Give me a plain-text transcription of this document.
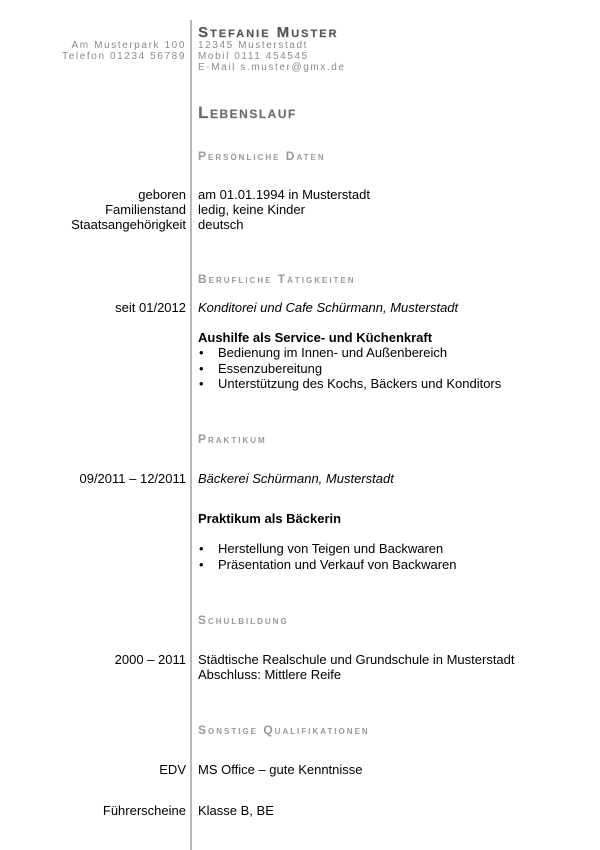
Am Musterpark 100
Telefon 01234 56789
Stefanie Muster
12345 Musterstadt
Mobil 0111 454545
E-Mail s.muster@gmx.de
Lebenslauf
Persönliche Daten
geboren
Familienstand
Staatsangehörigkeit
am 01.01.1994 in Musterstadt
ledig, keine Kinder
deutsch
Berufliche Tätigkeiten
seit 01/2012 Konditorei und Cafe Schürmann, Musterstadt
Aushilfe als Service- und Küchenkraft
• Bedienung im Innen- und Außenbereich
• Essenzubereitung
• Unterstützung des Kochs, Bäckers und Konditors
Praktikum
09/2011 – 12/2011 Bäckerei Schürmann, Musterstadt
Praktikum als Bäckerin
• Herstellung von Teigen und Backwaren
• Präsentation und Verkauf von Backwaren
Schulbildung
2000 – 2011 Städtische Realschule und Grundschule in Musterstadt
Abschluss: Mittlere Reife
Sonstige Qualifikationen
EDV MS Office – gute Kenntnisse
Führerscheine Klasse B, BE
